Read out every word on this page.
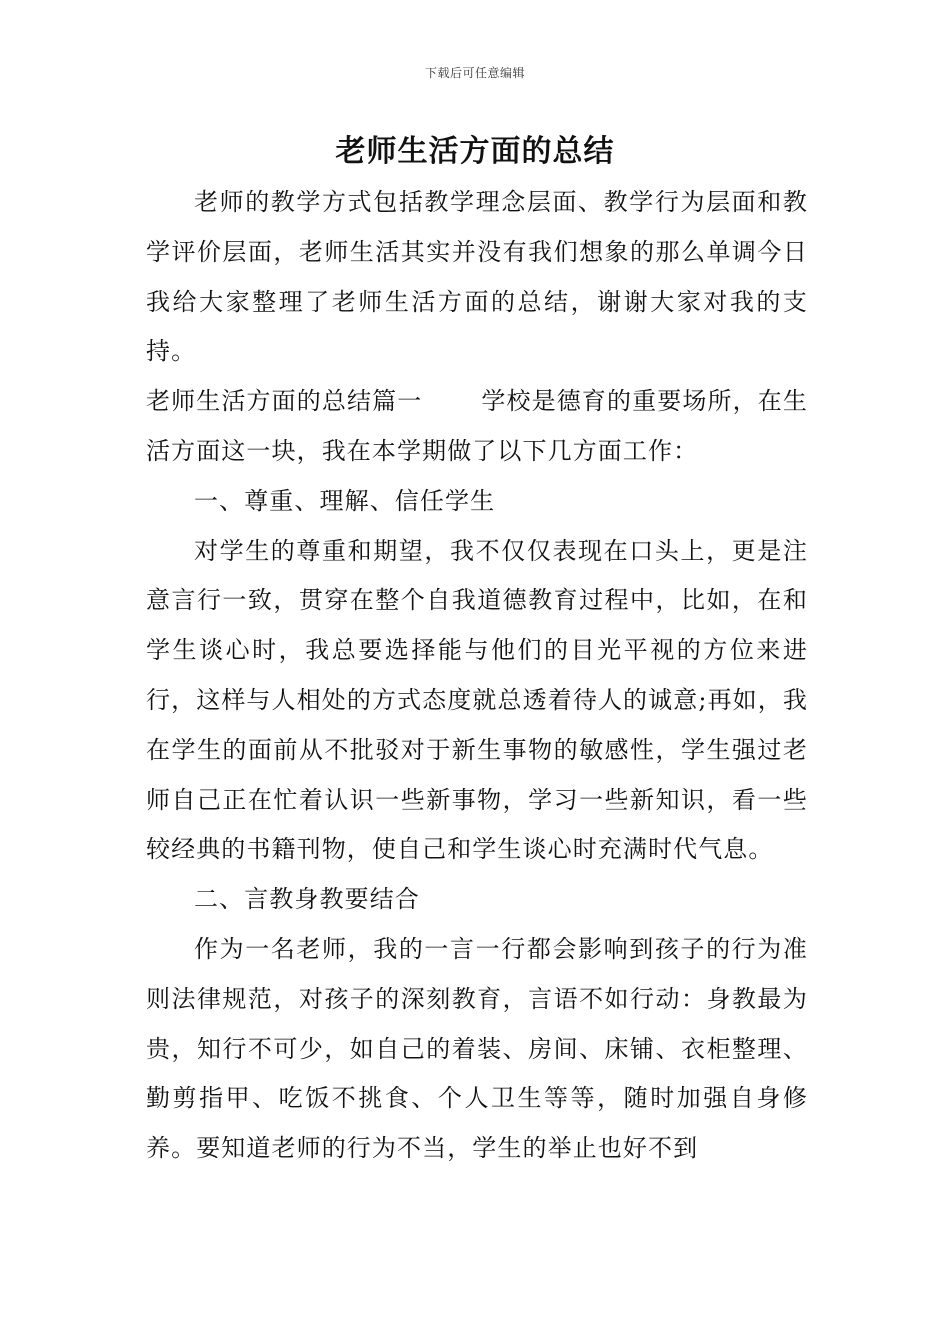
下载后可任意编辑
老师生活方面的总结

老师的教学方式包括教学理念层面、教学行为层面和教学评价层面，老师生活其实并没有我们想象的那么单调今日我给大家整理了老师生活方面的总结，谢谢大家对我的支持。

老师生活方面的总结篇一　　 学校是德育的重要场所，在生活方面这一块，我在本学期做了以下几方面工作：

一、尊重、理解、信任学生

对学生的尊重和期望，我不仅仅表现在口头上，更是注意言行一致，贯穿在整个自我道德教育过程中，比如，在和学生谈心时，我总要选择能与他们的目光平视的方位来进行，这样与人相处的方式态度就总透着待人的诚意;再如，我在学生的面前从不批驳对于新生事物的敏感性，学生强过老师自己正在忙着认识一些新事物，学习一些新知识，看一些较经典的书籍刊物，使自己和学生谈心时充满时代气息。

二、言教身教要结合

作为一名老师，我的一言一行都会影响到孩子的行为准则法律规范，对孩子的深刻教育，言语不如行动：身教最为贵，知行不可少，如自己的着装、房间、床铺、衣柜整理、勤剪指甲、吃饭不挑食、个人卫生等等，随时加强自身修养。要知道老师的行为不当，学生的举止也好不到
